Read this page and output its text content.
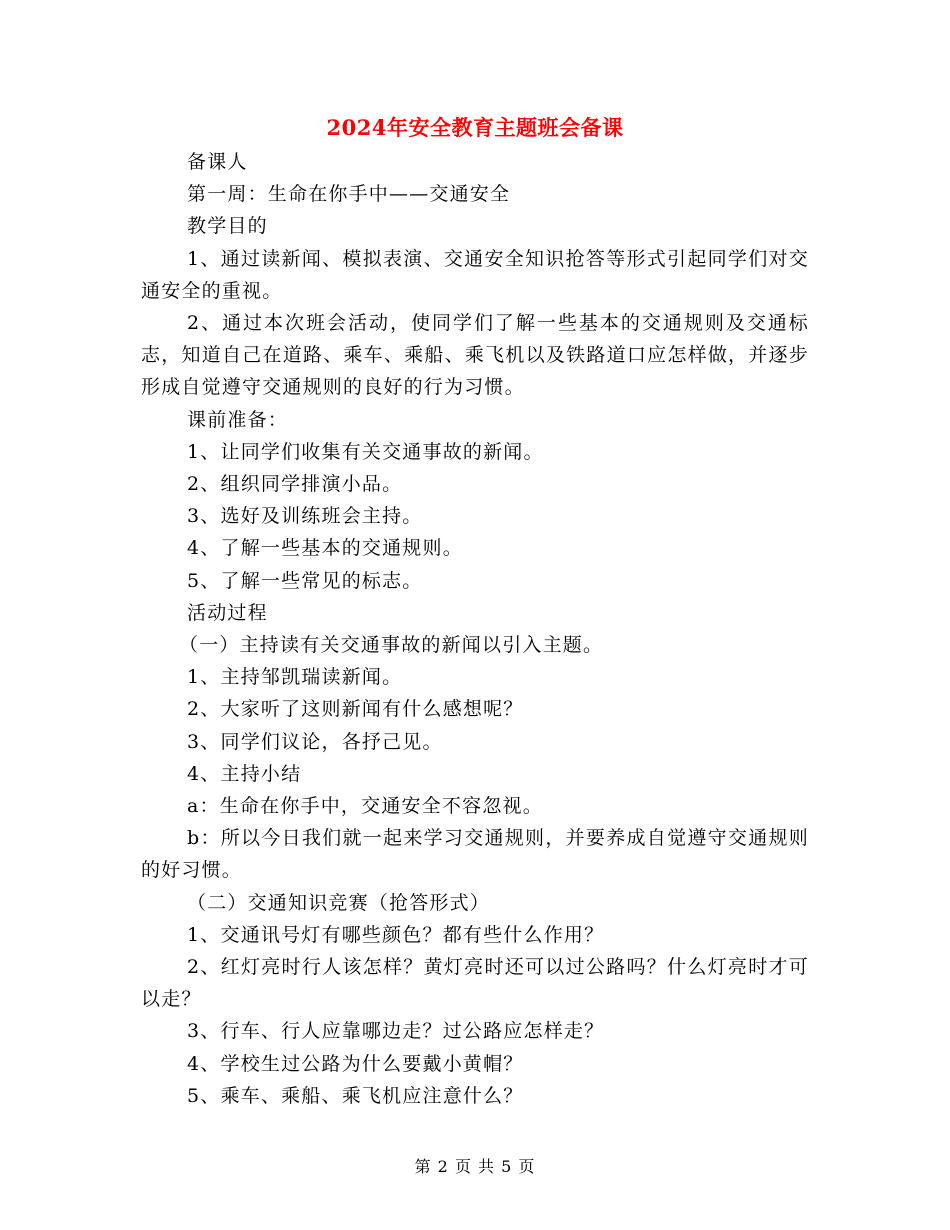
2024年安全教育主题班会备课

备课人

第一周：生命在你手中——交通安全

教学目的

1、通过读新闻、模拟表演、交通安全知识抢答等形式引起同学们对交通安全的重视。

2、通过本次班会活动，使同学们了解一些基本的交通规则及交通标志，知道自己在道路、乘车、乘船、乘飞机以及铁路道口应怎样做，并逐步形成自觉遵守交通规则的良好的行为习惯。

课前准备：

1、让同学们收集有关交通事故的新闻。

2、组织同学排演小品。

3、选好及训练班会主持。

4、了解一些基本的交通规则。

5、了解一些常见的标志。

活动过程

（一）主持读有关交通事故的新闻以引入主题。

1、主持邹凯瑞读新闻。

2、大家听了这则新闻有什么感想呢？

3、同学们议论，各抒己见。

4、主持小结

a：生命在你手中，交通安全不容忽视。

b：所以今日我们就一起来学习交通规则，并要养成自觉遵守交通规则的好习惯。

（二）交通知识竞赛（抢答形式）

1、交通讯号灯有哪些颜色？都有些什么作用？

2、红灯亮时行人该怎样？黄灯亮时还可以过公路吗？什么灯亮时才可以走？

3、行车、行人应靠哪边走？过公路应怎样走？

4、学校生过公路为什么要戴小黄帽？

5、乘车、乘船、乘飞机应注意什么？

第 2 页 共 5 页
